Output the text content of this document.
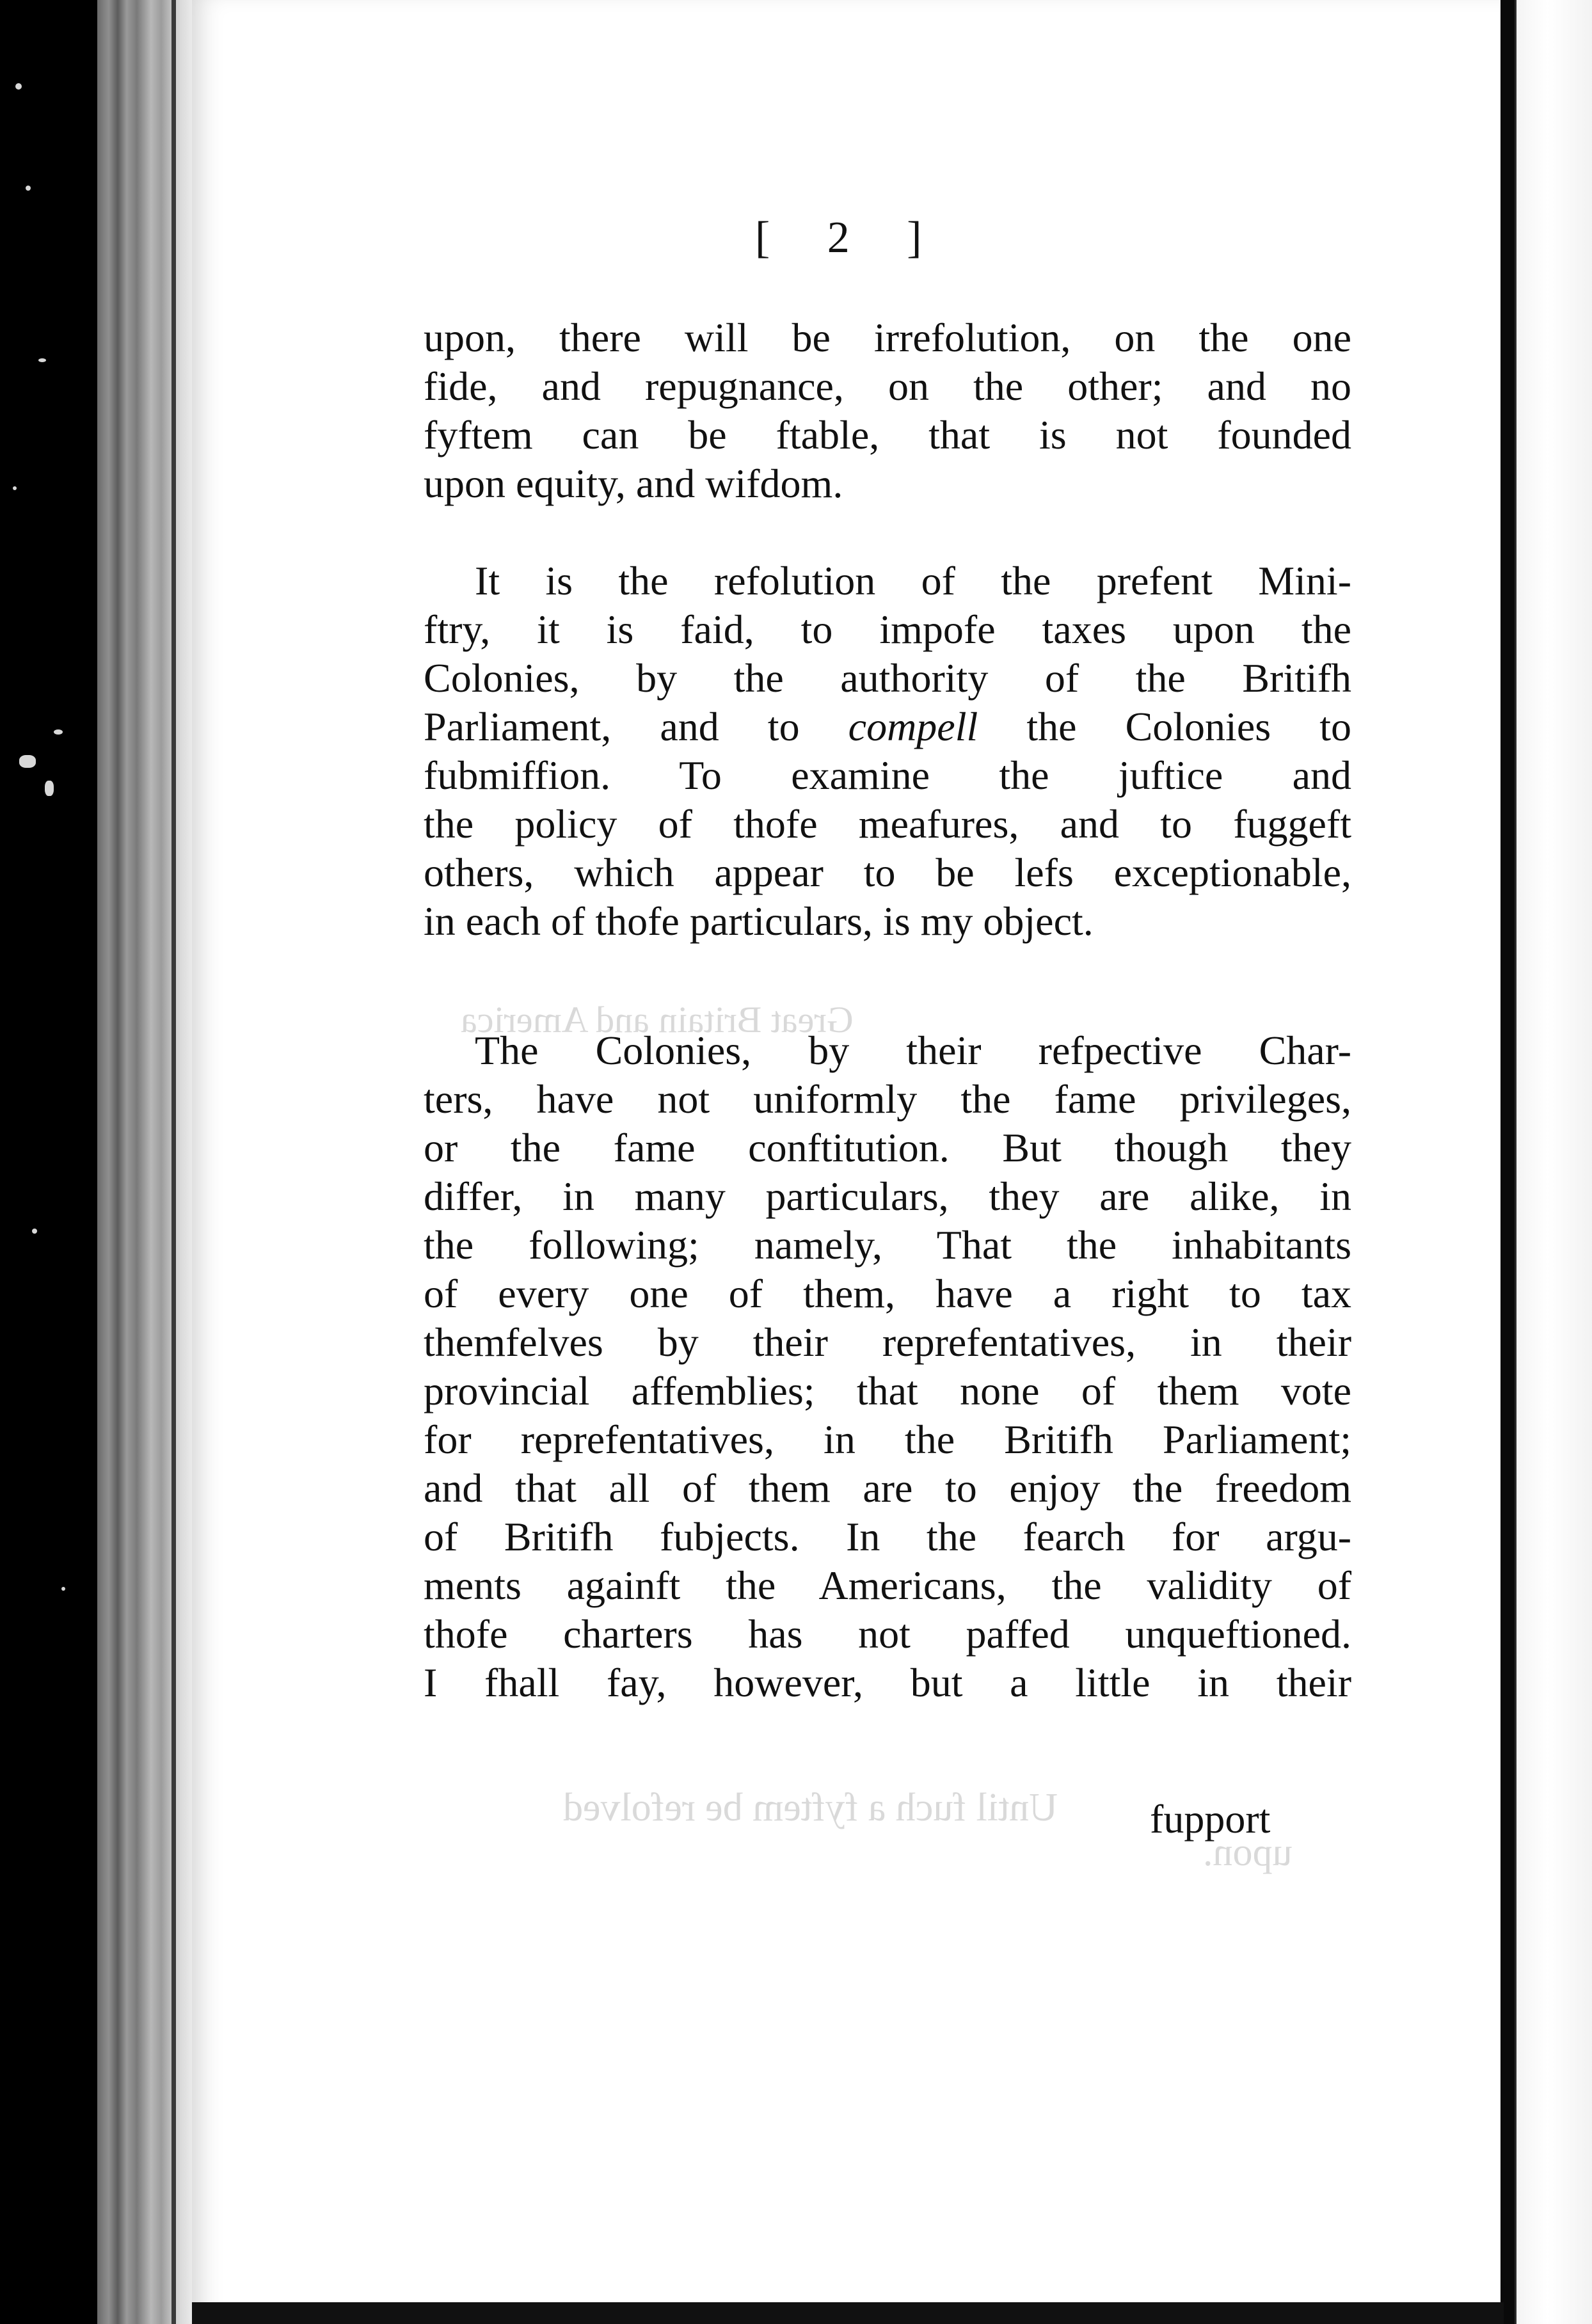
Until fuch a fyftem be refolved
upon.
Great Britain and America
[ 2 ]
upon, there will be irrefolution, on the one
fide, and repugnance, on the other; and no
fyftem can be ftable, that is not founded
upon equity, and wifdom.
It is the refolution of the prefent Mini-
ftry, it is faid, to impofe taxes upon the
Colonies, by the authority of the Britifh
Parliament, and to compell the Colonies to
fubmiffion. To examine the juftice and
the policy of thofe meafures, and to fuggeft
others, which appear to be lefs exceptionable,
in each of thofe particulars, is my object.
The Colonies, by their refpective Char-
ters, have not uniformly the fame privileges,
or the fame conftitution. But though they
differ, in many particulars, they are alike, in
the following; namely, That the inhabitants
of every one of them, have a right to tax
themfelves by their reprefentatives, in their
provincial affemblies; that none of them vote
for reprefentatives, in the Britifh Parliament;
and that all of them are to enjoy the freedom
of Britifh fubjects. In the fearch for argu-
ments againft the Americans, the validity of
thofe charters has not paffed unqueftioned.
I fhall fay, however, but a little in their
fupport
